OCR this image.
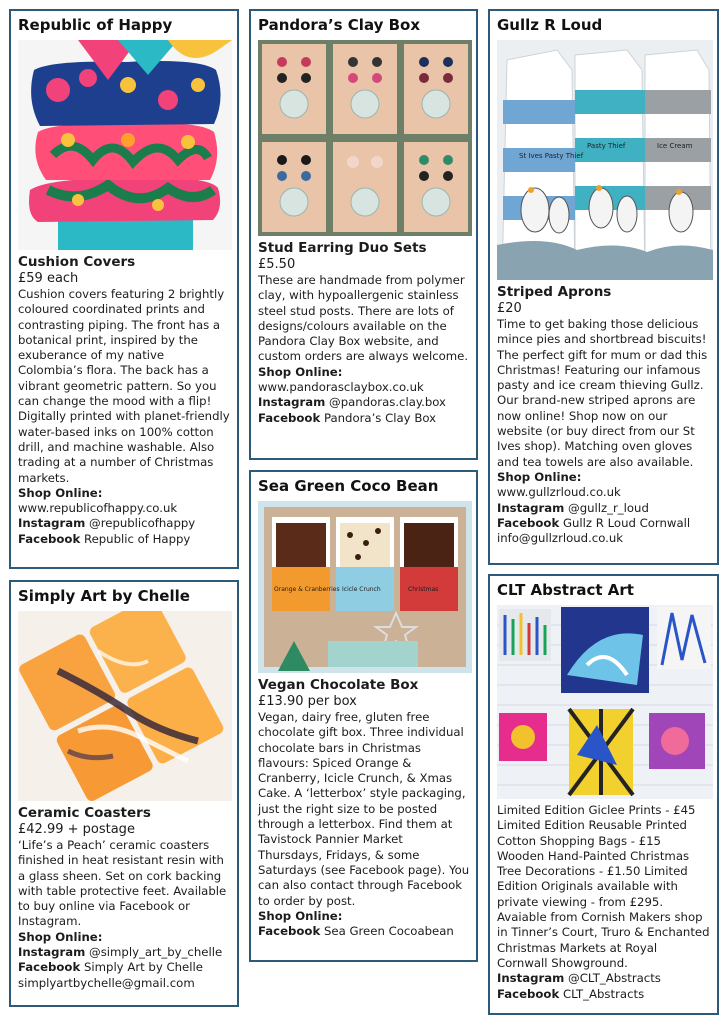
Republic of Happy
Cushion Covers
£59 each
Cushion covers featuring 2 brightly coloured coordinated prints and contrasting piping. The front has a botanical print, inspired by the exuberance of my native Colombia’s flora. The back has a vibrant geometric pattern. So you can change the mood with a flip! Digitally printed with planet-friendly water-based inks on 100% cotton drill, and machine washable. Also trading at a number of Christmas markets.
Shop Online:
www.republicofhappy.co.uk
Instagram @republicofhappy
Facebook Republic of Happy
Pandora’s Clay Box
Stud Earring Duo Sets
£5.50
These are handmade from polymer clay, with hypoallergenic stainless steel stud posts. There are lots of designs/colours available on the Pandora Clay Box website, and custom orders are always welcome.
Shop Online:
www.pandorasclaybox.co.uk
Instagram @pandoras.clay.box
Facebook Pandora’s Clay Box
Gullz R Loud
St Ives Pasty Thief
Pasty Thief	Ice Cream
Striped Aprons
£20
Time to get baking those delicious mince pies and shortbread biscuits! The perfect gift for mum or dad this Christmas! Featuring our infamous pasty and ice cream thieving Gullz. Our brand-new striped aprons are now online! Shop now on our website (or buy direct from our St Ives shop). Matching oven gloves and tea towels are also available.
Shop Online:
www.gullzrloud.co.uk
Instagram @gullz_r_loud
Facebook Gullz R Loud Cornwall
info@gullzrloud.co.uk
Sea Green Coco Bean
Orange & Cranberries Icicle Crunch	Christmas
Vegan Chocolate Box
£13.90 per box
Vegan, dairy free, gluten free chocolate gift box. Three individual chocolate bars in Christmas flavours: Spiced Orange & Cranberry, Icicle Crunch, & Xmas Cake. A ‘letterbox’ style packaging, just the right size to be posted through a letterbox. Find them at Tavistock Pannier Market Thursdays, Fridays, & some Saturdays (see Facebook page). You can also contact through Facebook to order by post.
Shop Online:
Facebook Sea Green Cocoabean
Simply Art by Chelle
Ceramic Coasters
£42.99 + postage
‘Life’s a Peach’ ceramic coasters finished in heat resistant resin with a glass sheen. Set on cork backing with table protective feet. Available to buy online via Facebook or Instagram.
Shop Online:
Instagram @simply_art_by_chelle
Facebook Simply Art by Chelle
simplyartbychelle@gmail.com
CLT Abstract Art
Limited Edition Giclee Prints - £45 Limited Edition Reusable Printed Cotton Shopping Bags - £15 Wooden Hand-Painted Christmas Tree Decorations - £1.50 Limited Edition Originals available with private viewing - from £295. Avaiable from Cornish Makers shop in Tinner’s Court, Truro & Enchanted Christmas Markets at Royal Cornwall Showground.
Instagram @CLT_Abstracts
Facebook CLT_Abstracts
